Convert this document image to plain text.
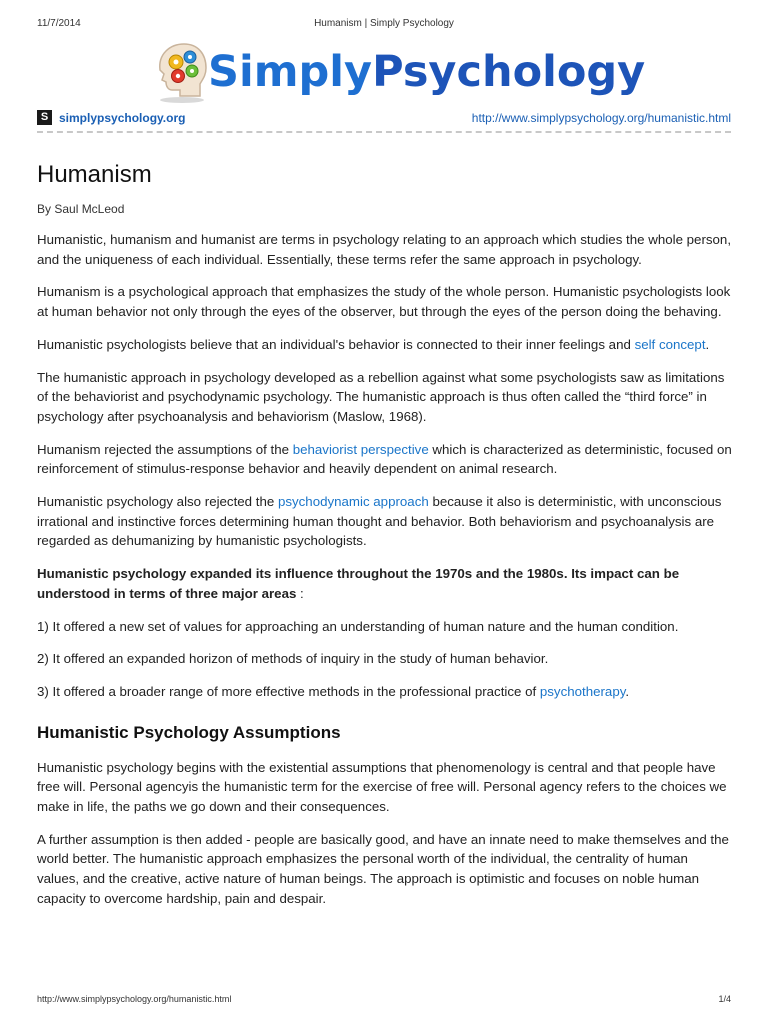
11/7/2014	Humanism | Simply Psychology
SimplyPsychology
S simplypsychology.org	http://www.simplypsychology.org/humanistic.html
Humanism
By Saul McLeod

Humanistic, humanism and humanist are terms in psychology relating to an approach which studies the whole person, and the uniqueness of each individual. Essentially, these terms refer the same approach in psychology.

Humanism is a psychological approach that emphasizes the study of the whole person. Humanistic psychologists look at human behavior not only through the eyes of the observer, but through the eyes of the person doing the behaving.

Humanistic psychologists believe that an individual's behavior is connected to their inner feelings and self concept.

The humanistic approach in psychology developed as a rebellion against what some psychologists saw as limitations of the behaviorist and psychodynamic psychology. The humanistic approach is thus often called the “third force” in psychology after psychoanalysis and behaviorism (Maslow, 1968).

Humanism rejected the assumptions of the behaviorist perspective which is characterized as deterministic, focused on reinforcement of stimulus-response behavior and heavily dependent on animal research.

Humanistic psychology also rejected the psychodynamic approach because it also is deterministic, with unconscious irrational and instinctive forces determining human thought and behavior. Both behaviorism and psychoanalysis are regarded as dehumanizing by humanistic psychologists.

Humanistic psychology expanded its influence throughout the 1970s and the 1980s. Its impact can be understood in terms of three major areas :

1) It offered a new set of values for approaching an understanding of human nature and the human condition.

2) It offered an expanded horizon of methods of inquiry in the study of human behavior.

3) It offered a broader range of more effective methods in the professional practice of psychotherapy.

Humanistic Psychology Assumptions

Humanistic psychology begins with the existential assumptions that phenomenology is central and that people have free will. Personal agencyis the humanistic term for the exercise of free will. Personal agency refers to the choices we make in life, the paths we go down and their consequences.

A further assumption is then added - people are basically good, and have an innate need to make themselves and the world better. The humanistic approach emphasizes the personal worth of the individual, the centrality of human values, and the creative, active nature of human beings. The approach is optimistic and focuses on noble human capacity to overcome hardship, pain and despair.

http://www.simplypsychology.org/humanistic.html	1/4
